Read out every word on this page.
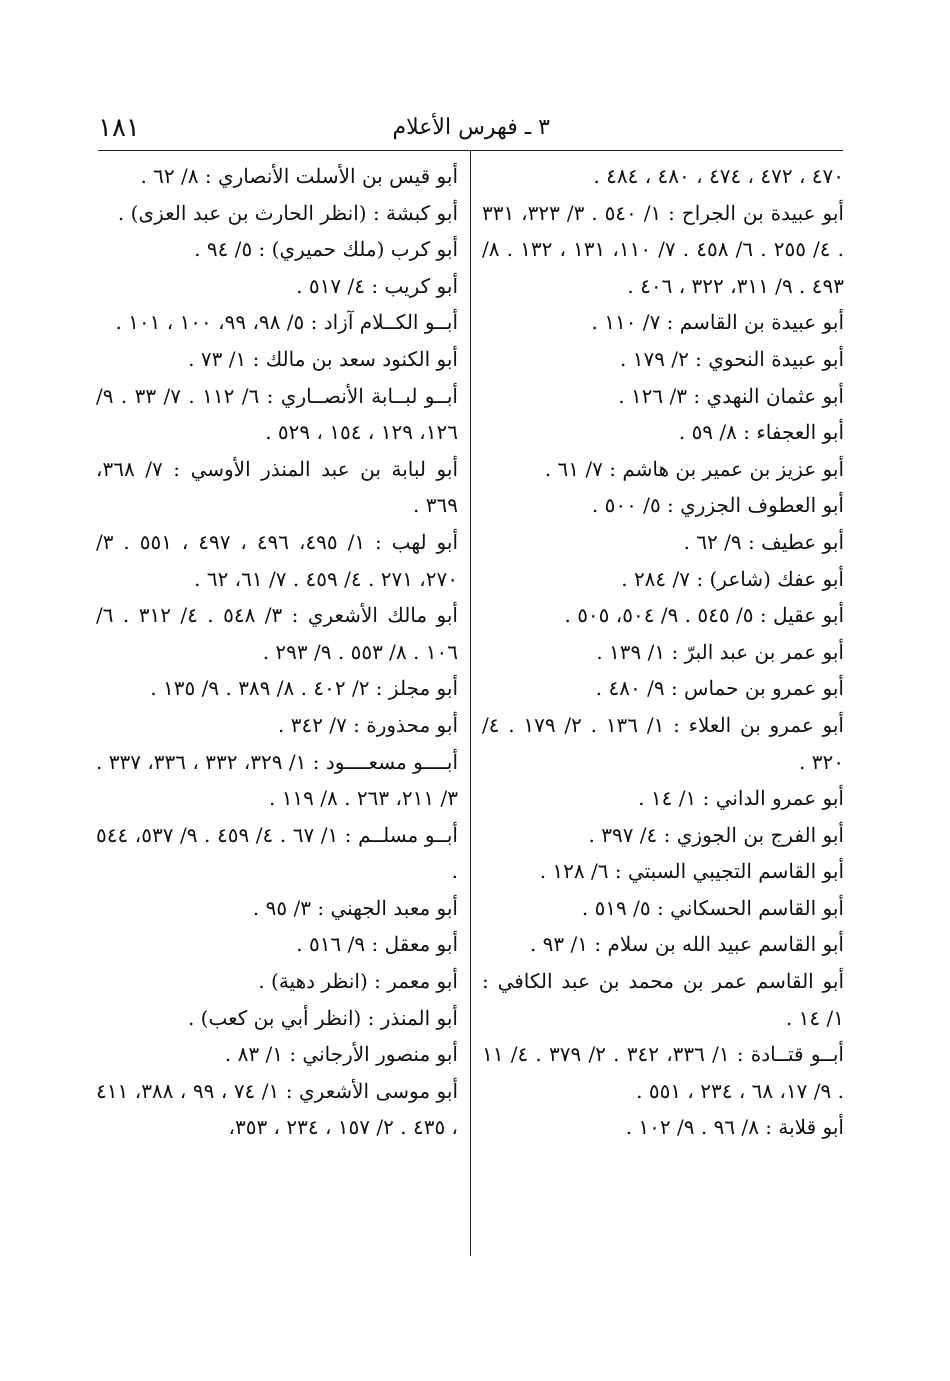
١٨١	٣ ـ فهرس الأعلام
٤٧٠ ، ٤٧٢ ، ٤٧٤ ، ٤٨٠ ، ٤٨٤ .
أبو عبيدة بن الجراح : ١/ ٥٤٠ . ٣/ ٣٢٣، ٣٣١ . ٤/ ٢٥٥ . ٦/ ٤٥٨ . ٧/ ١١٠، ١٣١ ، ١٣٢ . ٨/ ٤٩٣ . ٩/ ٣١١، ٣٢٢ ، ٤٠٦ .
أبو عبيدة بن القاسم : ٧/ ١١٠ .
أبو عبيدة النحوي : ٢/ ١٧٩ .
أبو عثمان النهدي : ٣/ ١٢٦ .
أبو العجفاء : ٨/ ٥٩ .
أبو عزيز بن عمير بن هاشم : ٧/ ٦١ .
أبو العطوف الجزري : ٥/ ٥٠٠ .
أبو عطيف : ٩/ ٦٢ .
أبو عفك (شاعر) : ٧/ ٢٨٤ .
أبو عقيل : ٥/ ٥٤٥ . ٩/ ٥٠٤، ٥٠٥ .
أبو عمر بن عبد البرّ : ١/ ١٣٩ .
أبو عمرو بن حماس : ٩/ ٤٨٠ .
أبو عمرو بن العلاء : ١/ ١٣٦ . ٢/ ١٧٩ . ٤/ ٣٢٠ .
أبو عمرو الداني : ١/ ١٤ .
أبو الفرج بن الجوزي : ٤/ ٣٩٧ .
أبو القاسم التجيبي السبتي : ٦/ ١٢٨ .
أبو القاسم الحسكاني : ٥/ ٥١٩ .
أبو القاسم عبيد الله بن سلام : ١/ ٩٣ .
أبو القاسم عمر بن محمد بن عبد الكافي : ١/ ١٤ .
أبــو قتــادة : ١/ ٣٣٦، ٣٤٢ . ٢/ ٣٧٩ . ٤/ ١١ . ٩/ ١٧، ٦٨ ، ٢٣٤ ، ٥٥١ .
أبو قلابة : ٨/ ٩٦ . ٩/ ١٠٢ .
أبو قيس بن الأسلت الأنصاري : ٨/ ٦٢ .
أبو كبشة : (انظر الحارث بن عبد العزى) .
أبو كرب (ملك حميري) : ٥/ ٩٤ .
أبو كريب : ٤/ ٥١٧ .
أبــو الكــلام آزاد : ٥/ ٩٨، ٩٩، ١٠٠ ، ١٠١ .
أبو الكنود سعد بن مالك : ١/ ٧٣ .
أبــو لبــابة الأنصــاري : ٦/ ١١٢ . ٧/ ٣٣ . ٩/ ١٢٦، ١٢٩ ، ١٥٤ ، ٥٢٩ .
أبو لبابة بن عبد المنذر الأوسي : ٧/ ٣٦٨، ٣٦٩ .
أبو لهب : ١/ ٤٩٥، ٤٩٦ ، ٤٩٧ ، ٥٥١ . ٣/ ٢٧٠، ٢٧١ . ٤/ ٤٥٩ . ٧/ ٦١، ٦٢ .
أبو مالك الأشعري : ٣/ ٥٤٨ . ٤/ ٣١٢ . ٦/ ١٠٦ . ٨/ ٥٥٣ . ٩/ ٢٩٣ .
أبو مجلز : ٢/ ٤٠٢ . ٨/ ٣٨٩ . ٩/ ١٣٥ .
أبو محذورة : ٧/ ٣٤٢ .
أبــــو مسعــــود : ١/ ٣٢٩، ٣٣٢ ، ٣٣٦، ٣٣٧ . ٣/ ٢١١، ٢٦٣ . ٨/ ١١٩ .
أبــو مسلــم : ١/ ٦٧ . ٤/ ٤٥٩ . ٩/ ٥٣٧، ٥٤٤ .
أبو معبد الجهني : ٣/ ٩٥ .
أبو معقل : ٩/ ٥١٦ .
أبو معمر : (انظر دهية) .
أبو المنذر : (انظر أبي بن كعب) .
أبو منصور الأرجاني : ١/ ٨٣ .
أبو موسى الأشعري : ١/ ٧٤ ، ٩٩ ، ٣٨٨، ٤١١ ، ٤٣٥ . ٢/ ١٥٧ ، ٢٣٤ ، ٣٥٣،
